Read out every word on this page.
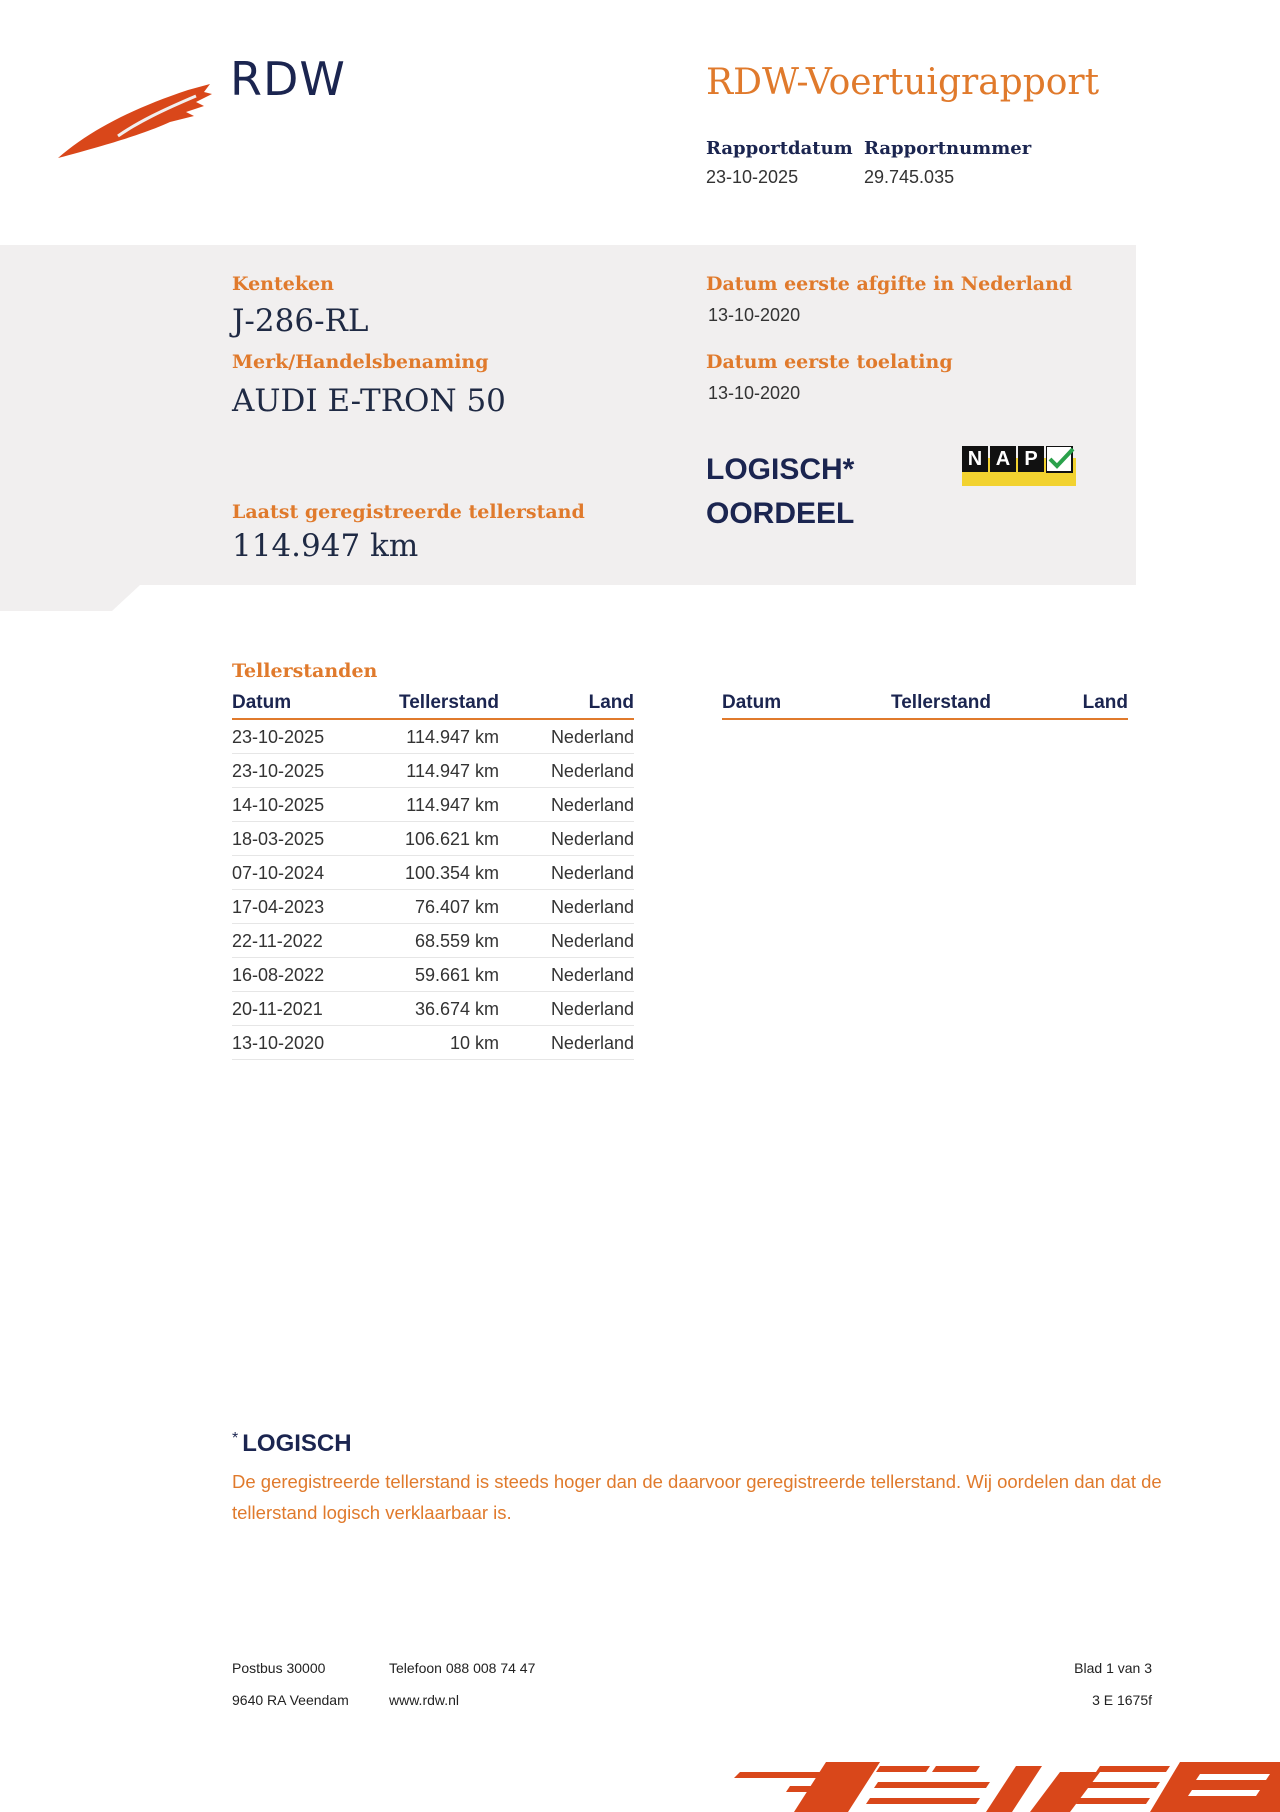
RDW	RDW-Voertuigrapport
Rapportdatum
23-10-2025
Rapportnummer
29.745.035
Kenteken
J-286-RL
Merk/Handelsbenaming
AUDI E-TRON 50
Laatst geregistreerde tellerstand
114.947 km
Datum eerste afgifte in Nederland
13-10-2020
Datum eerste toelating
13-10-2020
LOGISCH*
OORDEEL
N A P
Tellerstanden
Datum	Tellerstand	Land
23-10-2025	114.947 km	Nederland
23-10-2025	114.947 km	Nederland
14-10-2025	114.947 km	Nederland
18-03-2025	106.621 km	Nederland
07-10-2024	100.354 km	Nederland
17-04-2023	76.407 km	Nederland
22-11-2022	68.559 km	Nederland
16-08-2022	59.661 km	Nederland
20-11-2021	36.674 km	Nederland
13-10-2020	10 km	Nederland
Datum	Tellerstand	Land
* LOGISCH
De geregistreerde tellerstand is steeds hoger dan de daarvoor geregistreerde tellerstand. Wij oordelen dan dat de tellerstand logisch verklaarbaar is.
Postbus 30000
9640 RA Veendam
Telefoon 088 008 74 47
www.rdw.nl
Blad 1 van 3
3 E 1675f
